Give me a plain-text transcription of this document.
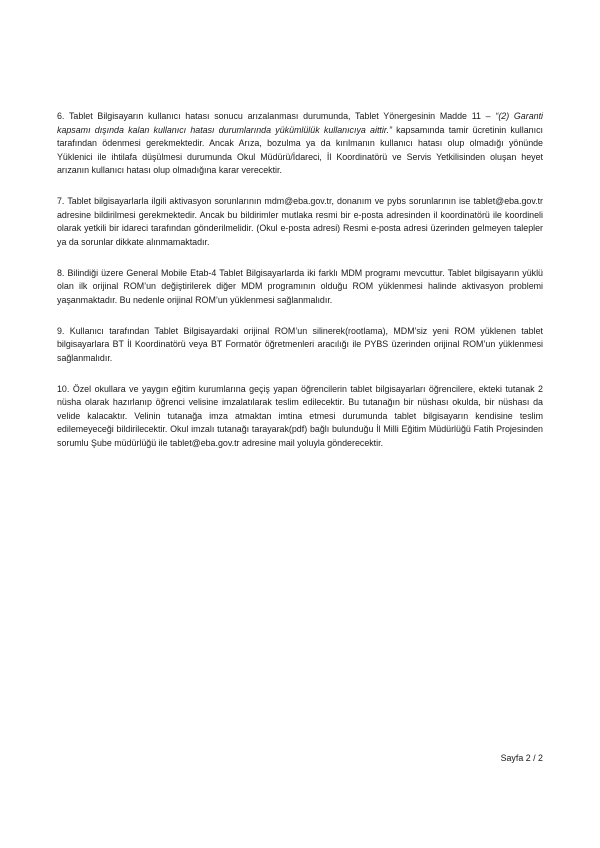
6. Tablet Bilgisayarın kullanıcı hatası sonucu arızalanması durumunda, Tablet Yönergesinin Madde 11 – “(2) Garanti kapsamı dışında kalan kullanıcı hatası durumlarında yükümlülük kullanıcıya aittir.” kapsamında tamir ücretinin kullanıcı tarafından ödenmesi gerekmektedir. Ancak Arıza, bozulma ya da kırılmanın kullanıcı hatası olup olmadığı yönünde Yüklenici ile ihtilafa düşülmesi durumunda Okul Müdürü/İdareci, İl Koordinatörü ve Servis Yetkilisinden oluşan heyet arızanın kullanıcı hatası olup olmadığına karar verecektir.

7. Tablet bilgisayarlarla ilgili aktivasyon sorunlarının mdm@eba.gov.tr, donanım ve pybs sorunlarının ise tablet@eba.gov.tr adresine bildirilmesi gerekmektedir. Ancak bu bildirimler mutlaka resmi bir e-posta adresinden il koordinatörü ile koordineli olarak yetkili bir idareci tarafından gönderilmelidir. (Okul e-posta adresi) Resmi e-posta adresi üzerinden gelmeyen talepler ya da sorunlar dikkate alınmamaktadır.

8. Bilindiği üzere General Mobile Etab-4 Tablet Bilgisayarlarda iki farklı MDM programı mevcuttur. Tablet bilgisayarın yüklü olan ilk orijinal ROM’un değiştirilerek diğer MDM programının olduğu ROM yüklenmesi halinde aktivasyon problemi yaşanmaktadır. Bu nedenle orijinal ROM’un yüklenmesi sağlanmalıdır.

9. Kullanıcı tarafından Tablet Bilgisayardaki orijinal ROM’un silinerek(rootlama), MDM’siz yeni ROM yüklenen tablet bilgisayarlara BT İl Koordinatörü veya BT Formatör öğretmenleri aracılığı ile PYBS üzerinden orijinal ROM’un yüklenmesi sağlanmalıdır.

10. Özel okullara ve yaygın eğitim kurumlarına geçiş yapan öğrencilerin tablet bilgisayarları öğrencilere, ekteki tutanak 2 nüsha olarak hazırlanıp öğrenci velisine imzalatılarak teslim edilecektir. Bu tutanağın bir nüshası okulda, bir nüshası da velide kalacaktır. Velinin tutanağa imza atmaktan imtina etmesi durumunda tablet bilgisayarın kendisine teslim edilemeyeceği bildirilecektir. Okul imzalı tutanağı tarayarak(pdf) bağlı bulunduğu İl Milli Eğitim Müdürlüğü Fatih Projesinden sorumlu Şube müdürlüğü ile tablet@eba.gov.tr adresine mail yoluyla gönderecektir.

Sayfa 2 / 2
